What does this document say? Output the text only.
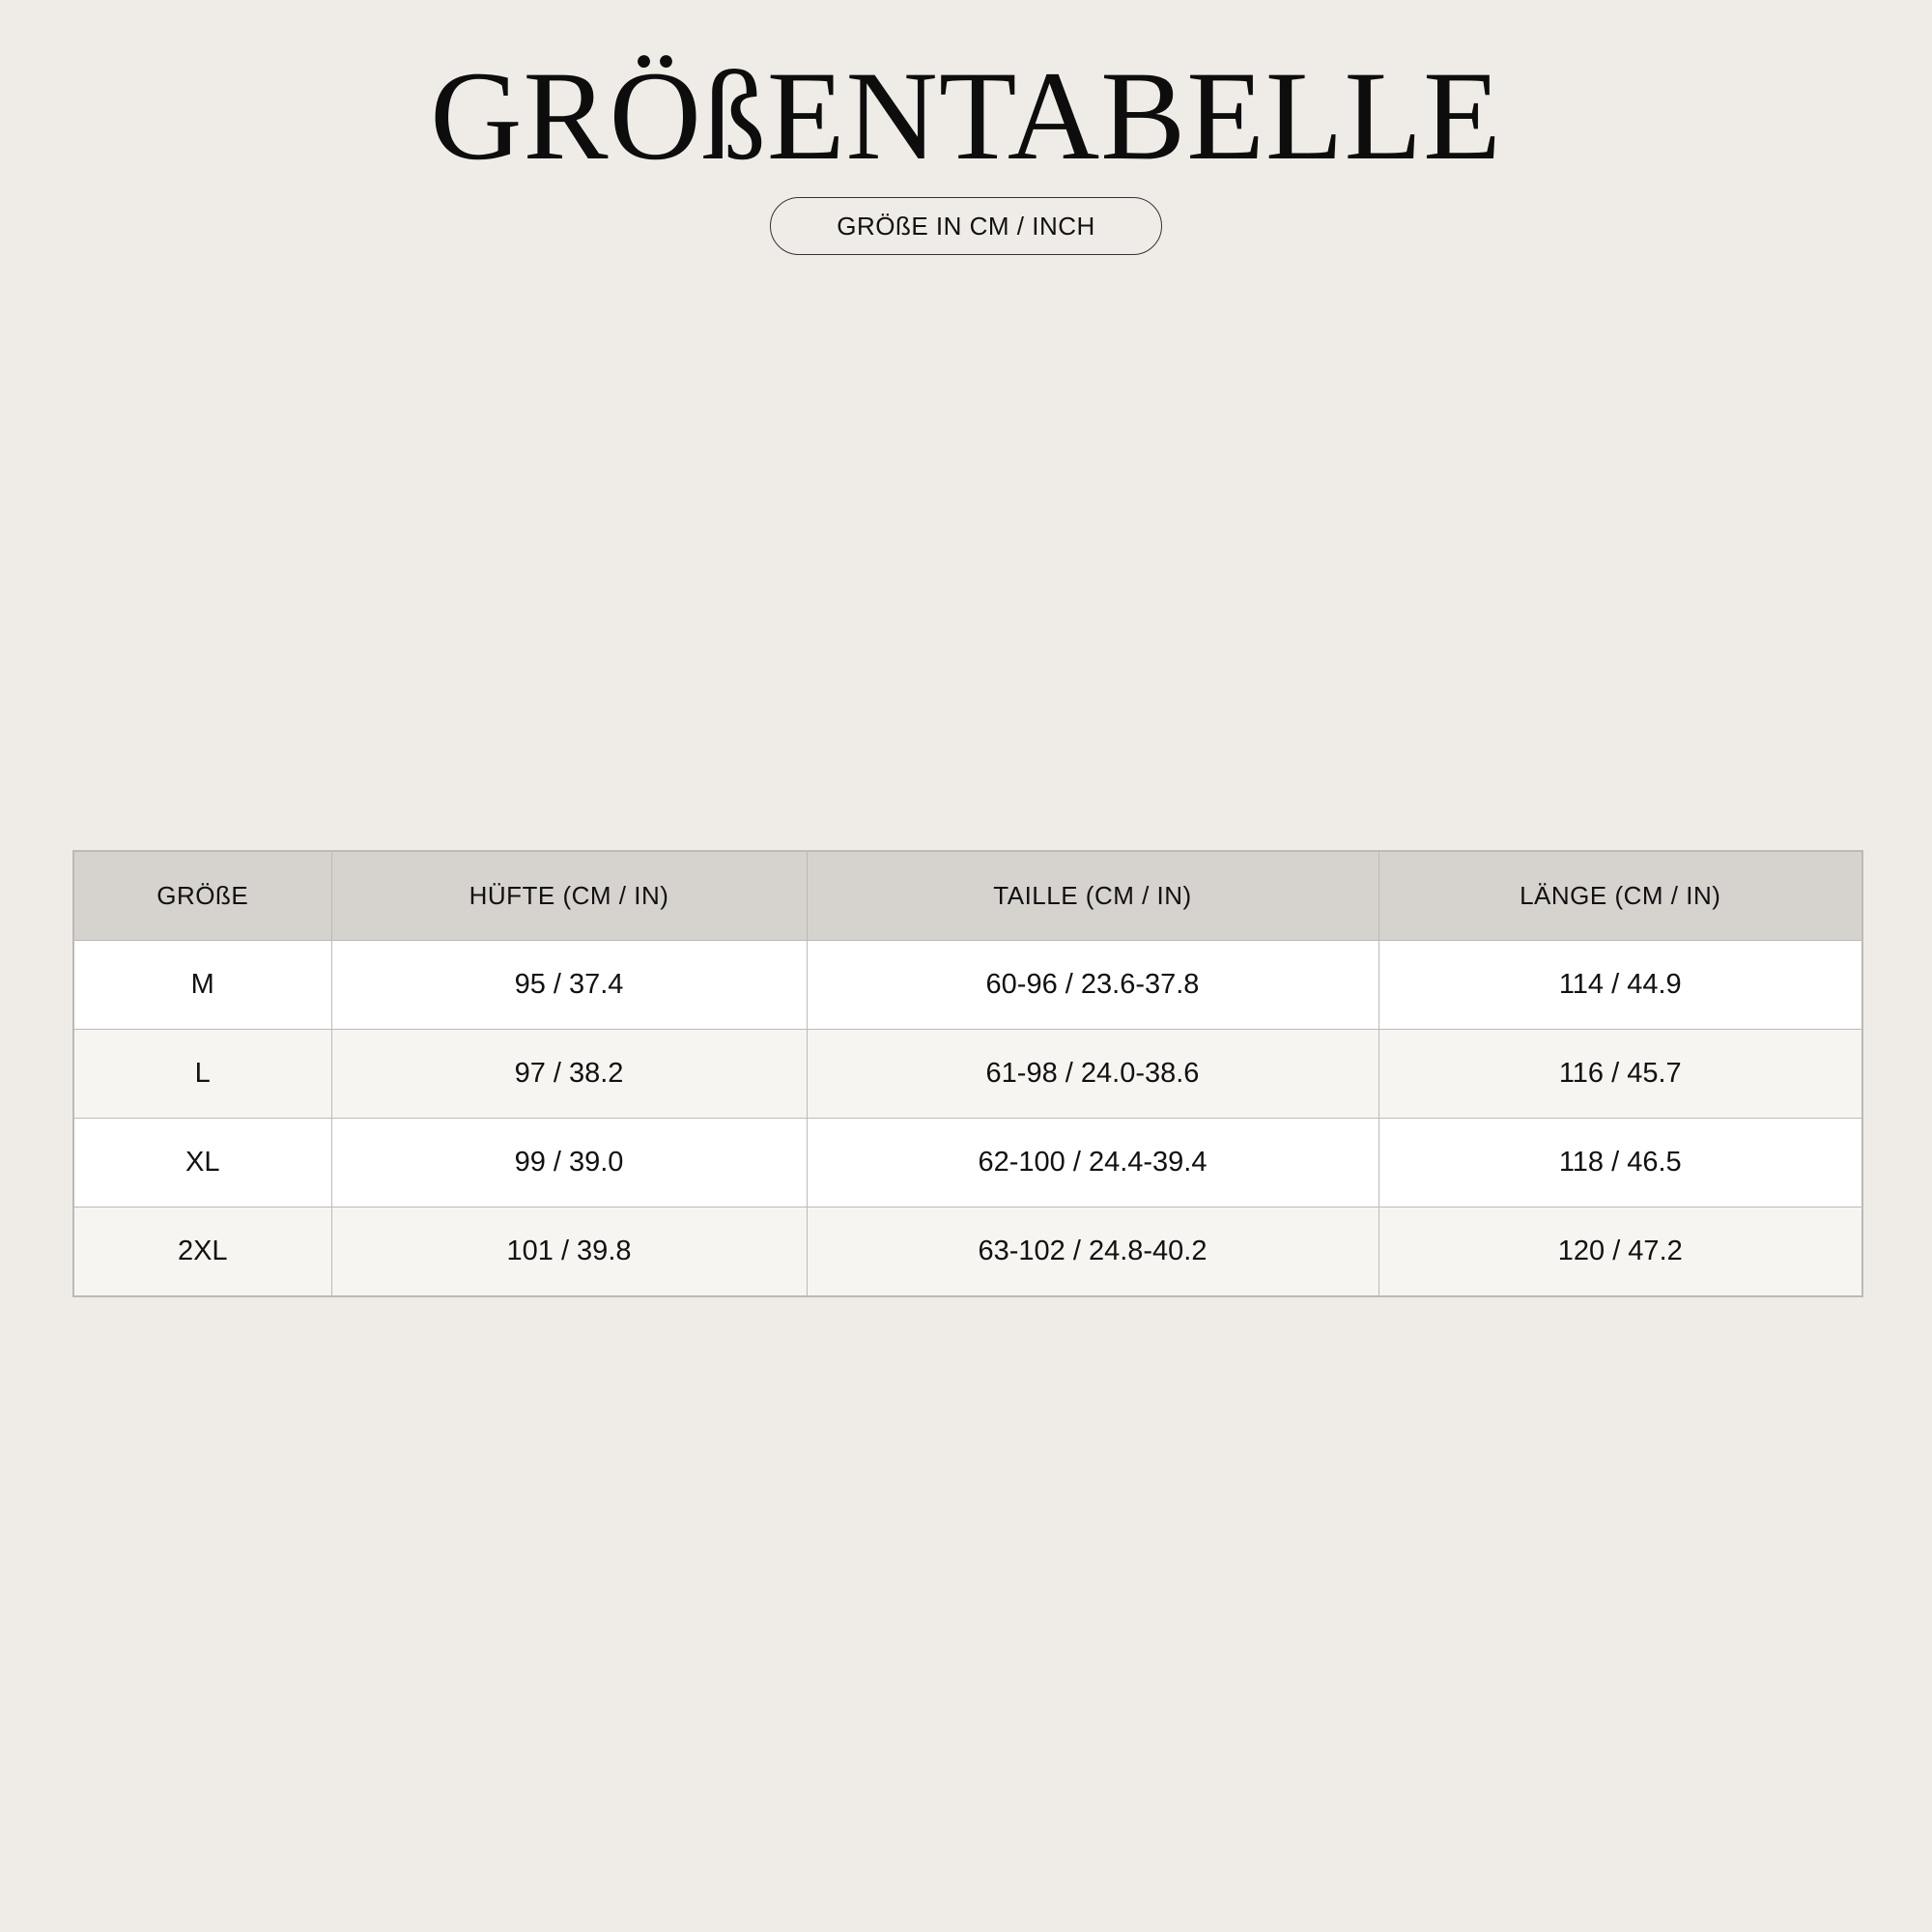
GRÖßENTABELLE
GRÖßE IN CM / INCH
GRÖßE	HÜFTE (CM / IN)	TAILLE (CM / IN)	LÄNGE (CM / IN)
M	95 / 37.4	60-96 / 23.6-37.8	114 / 44.9
L	97 / 38.2	61-98 / 24.0-38.6	116 / 45.7
XL	99 / 39.0	62-100 / 24.4-39.4	118 / 46.5
2XL	101 / 39.8	63-102 / 24.8-40.2	120 / 47.2
